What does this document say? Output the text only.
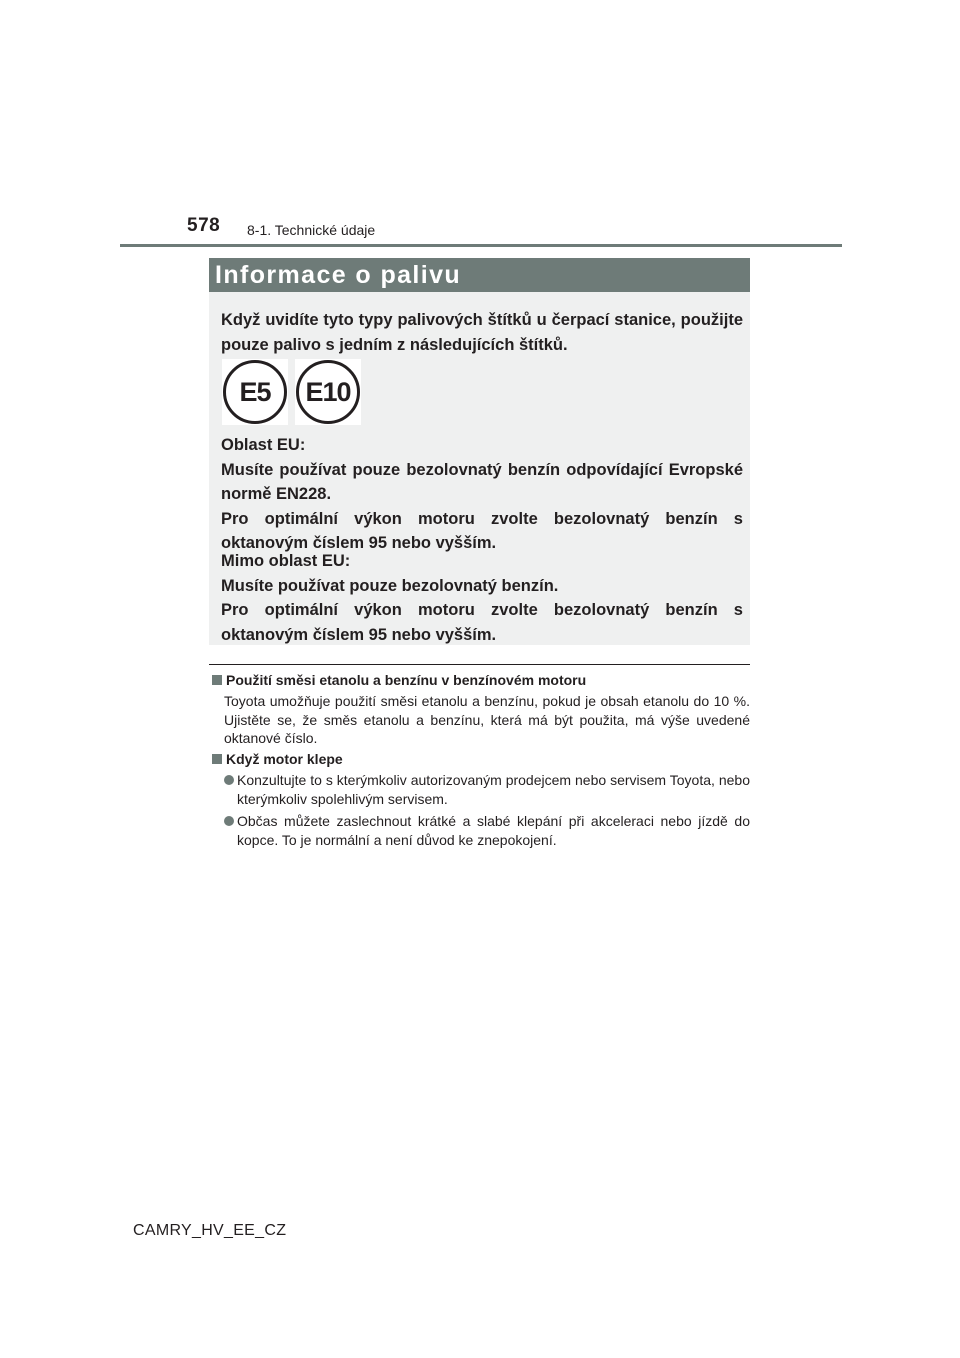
578 8-1. Technické údaje
Informace o palivu

Když uvidíte tyto typy palivových štítků u čerpací stanice, použijte pouze palivo s jedním z následujících štítků.

E5 E10

Oblast EU:
Musíte používat pouze bezolovnatý benzín odpovídající Evropské normě EN228.
Pro optimální výkon motoru zvolte bezolovnatý benzín s oktanovým číslem 95 nebo vyšším.

Mimo oblast EU:
Musíte používat pouze bezolovnatý benzín.
Pro optimální výkon motoru zvolte bezolovnatý benzín s oktanovým číslem 95 nebo vyšším.

Použití směsi etanolu a benzínu v benzínovém motoru

Toyota umožňuje použití směsi etanolu a benzínu, pokud je obsah etanolu do 10 %. Ujistěte se, že směs etanolu a benzínu, která má být použita, má výše uvedené oktanové číslo.

Když motor klepe

Konzultujte to s kterýmkoliv autorizovaným prodejcem nebo servisem Toyota, nebo kterýmkoliv spolehlivým servisem.

Občas můžete zaslechnout krátké a slabé klepání při akceleraci nebo jízdě do kopce. To je normální a není důvod ke znepokojení.

CAMRY_HV_EE_CZ
